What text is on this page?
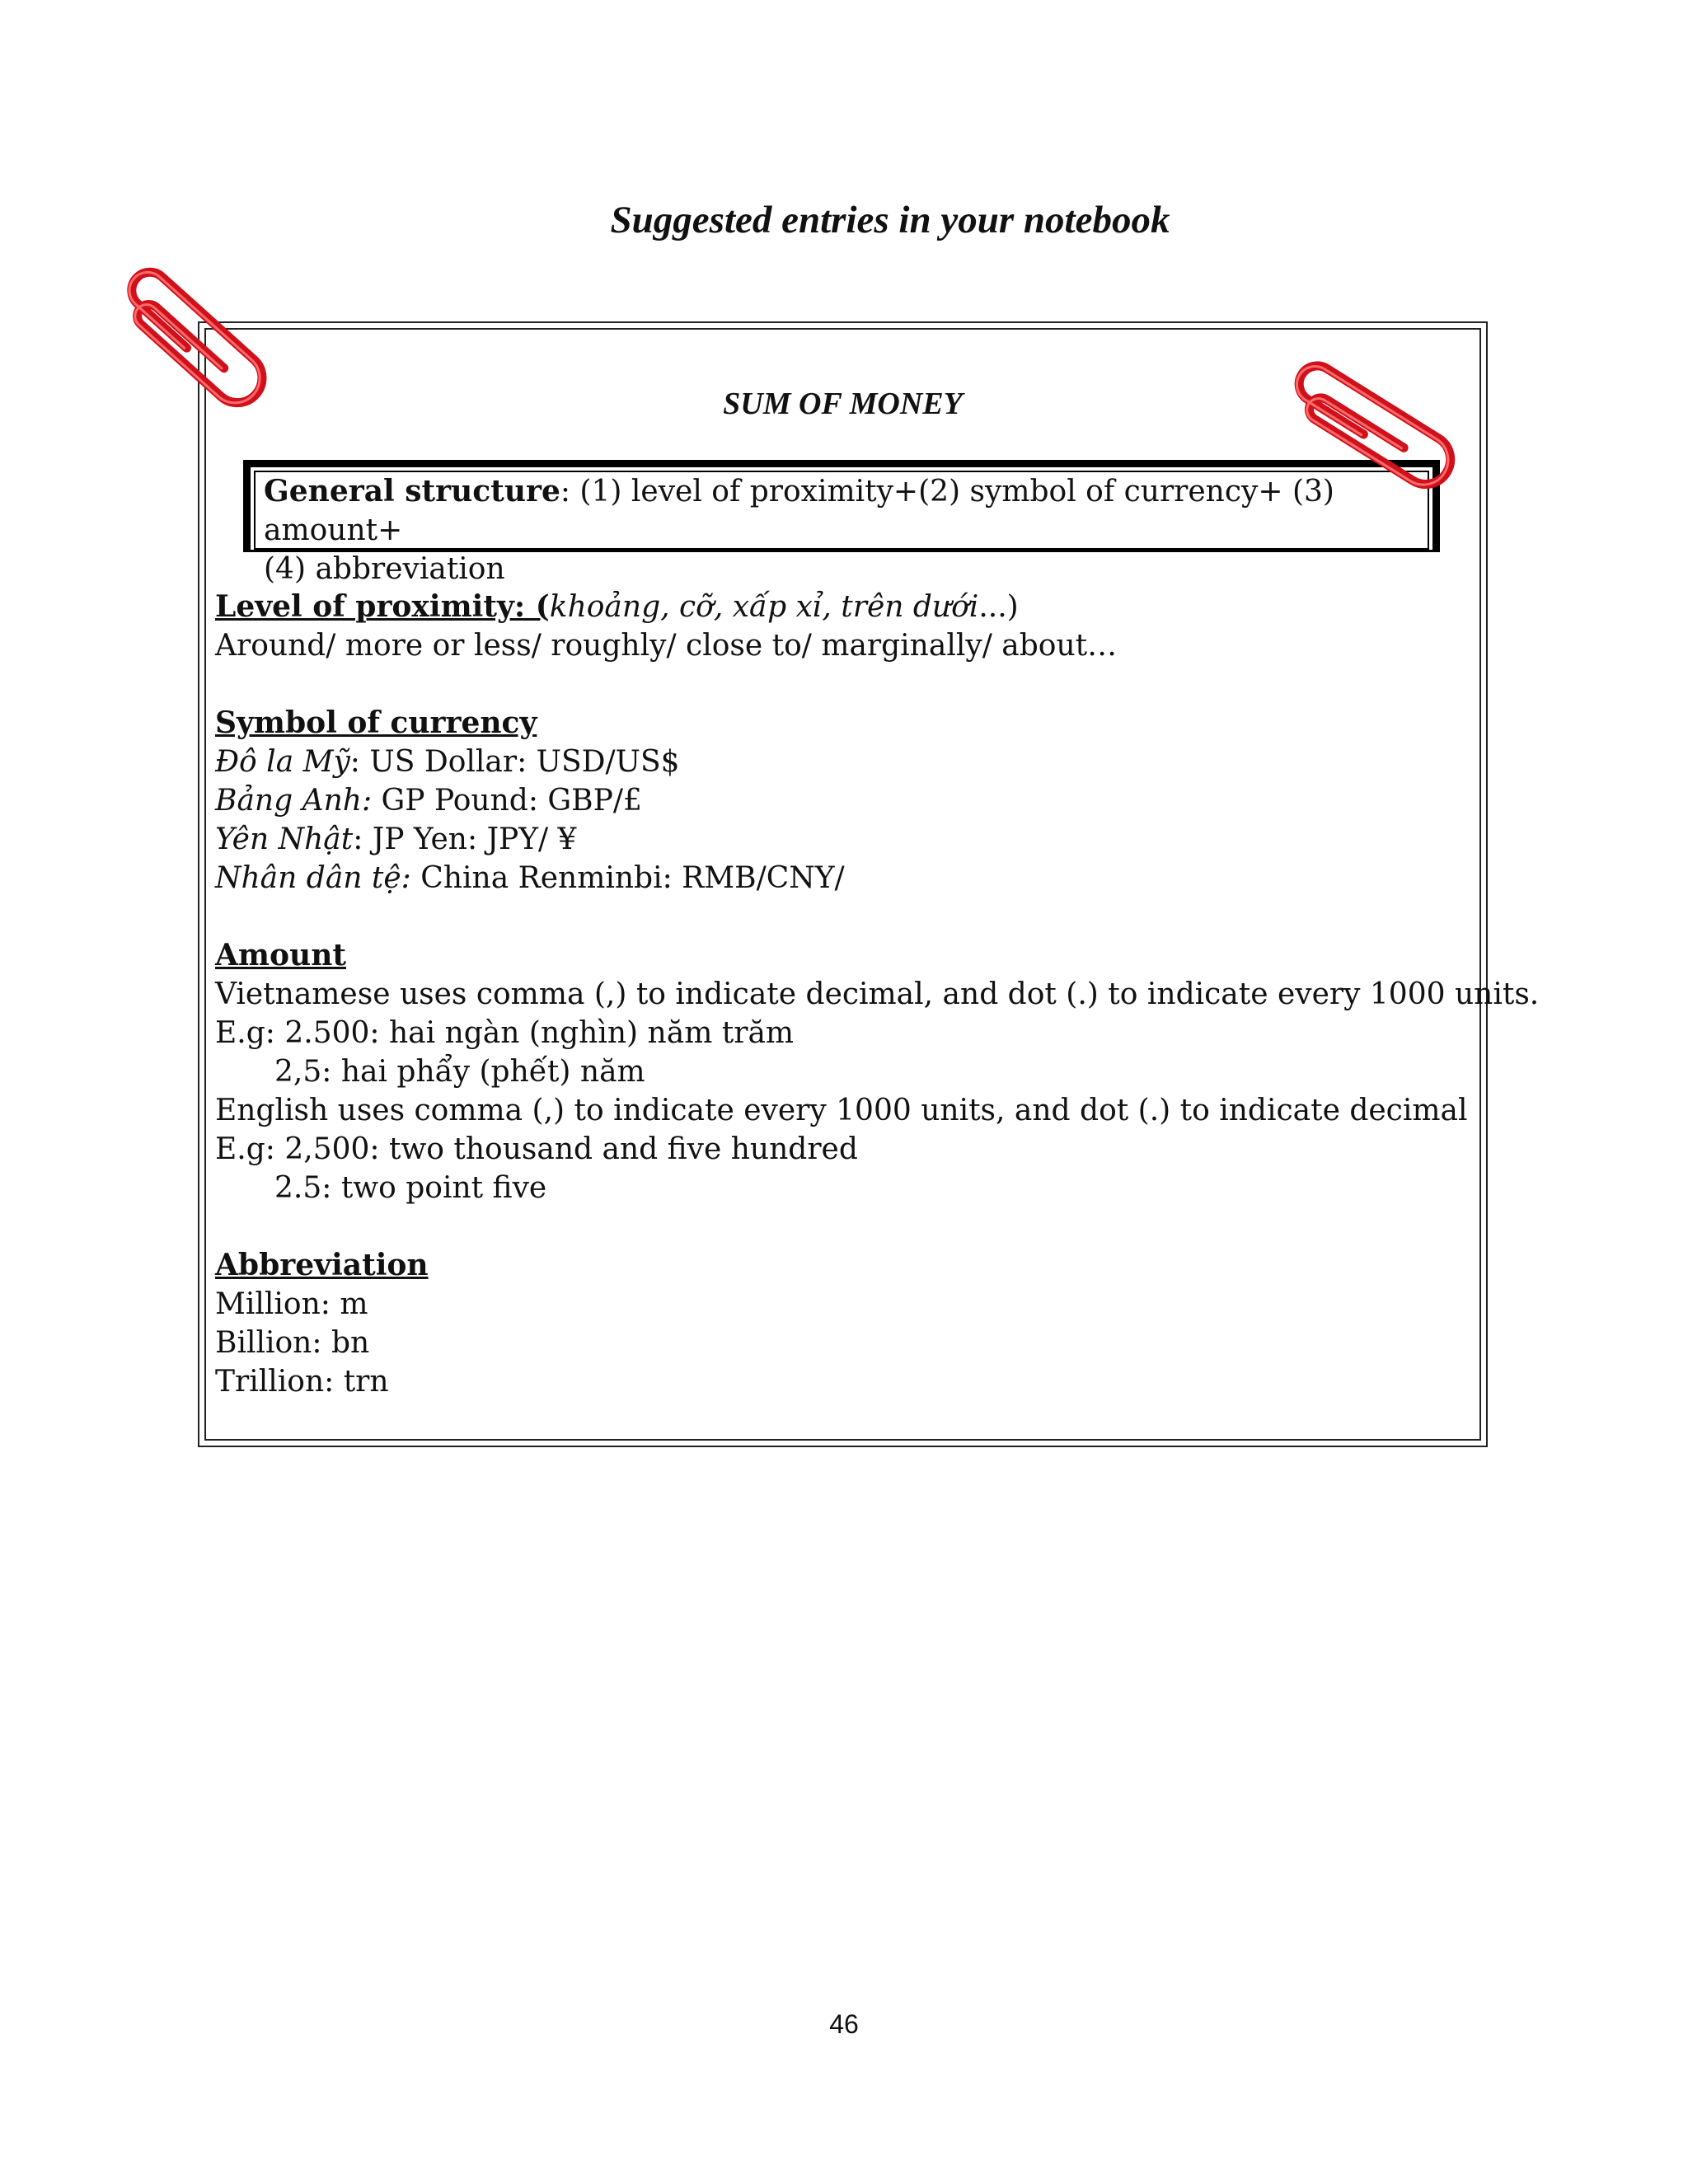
Suggested entries in your notebook
SUM OF MONEY
General structure: (1) level of proximity+(2) symbol of currency+ (3) amount+
(4) abbreviation
Level of proximity: (khoảng, cỡ, xấp xỉ, trên dưới...)
Around/ more or less/ roughly/ close to/ marginally/ about…
Symbol of currency
Đô la Mỹ: US Dollar: USD/US$
Bảng Anh: GP Pound: GBP/£
Yên Nhật: JP Yen: JPY/ ¥
Nhân dân tệ: China Renminbi: RMB/CNY/
Amount
Vietnamese uses comma (,) to indicate decimal, and dot (.) to indicate every 1000 units.
E.g: 2.500: hai ngàn (nghìn) năm trăm
2,5: hai phẩy (phết) năm
English uses comma (,) to indicate every 1000 units, and dot (.) to indicate decimal
E.g: 2,500: two thousand and five hundred
2.5: two point five
Abbreviation
Million: m
Billion: bn
Trillion: trn
46
